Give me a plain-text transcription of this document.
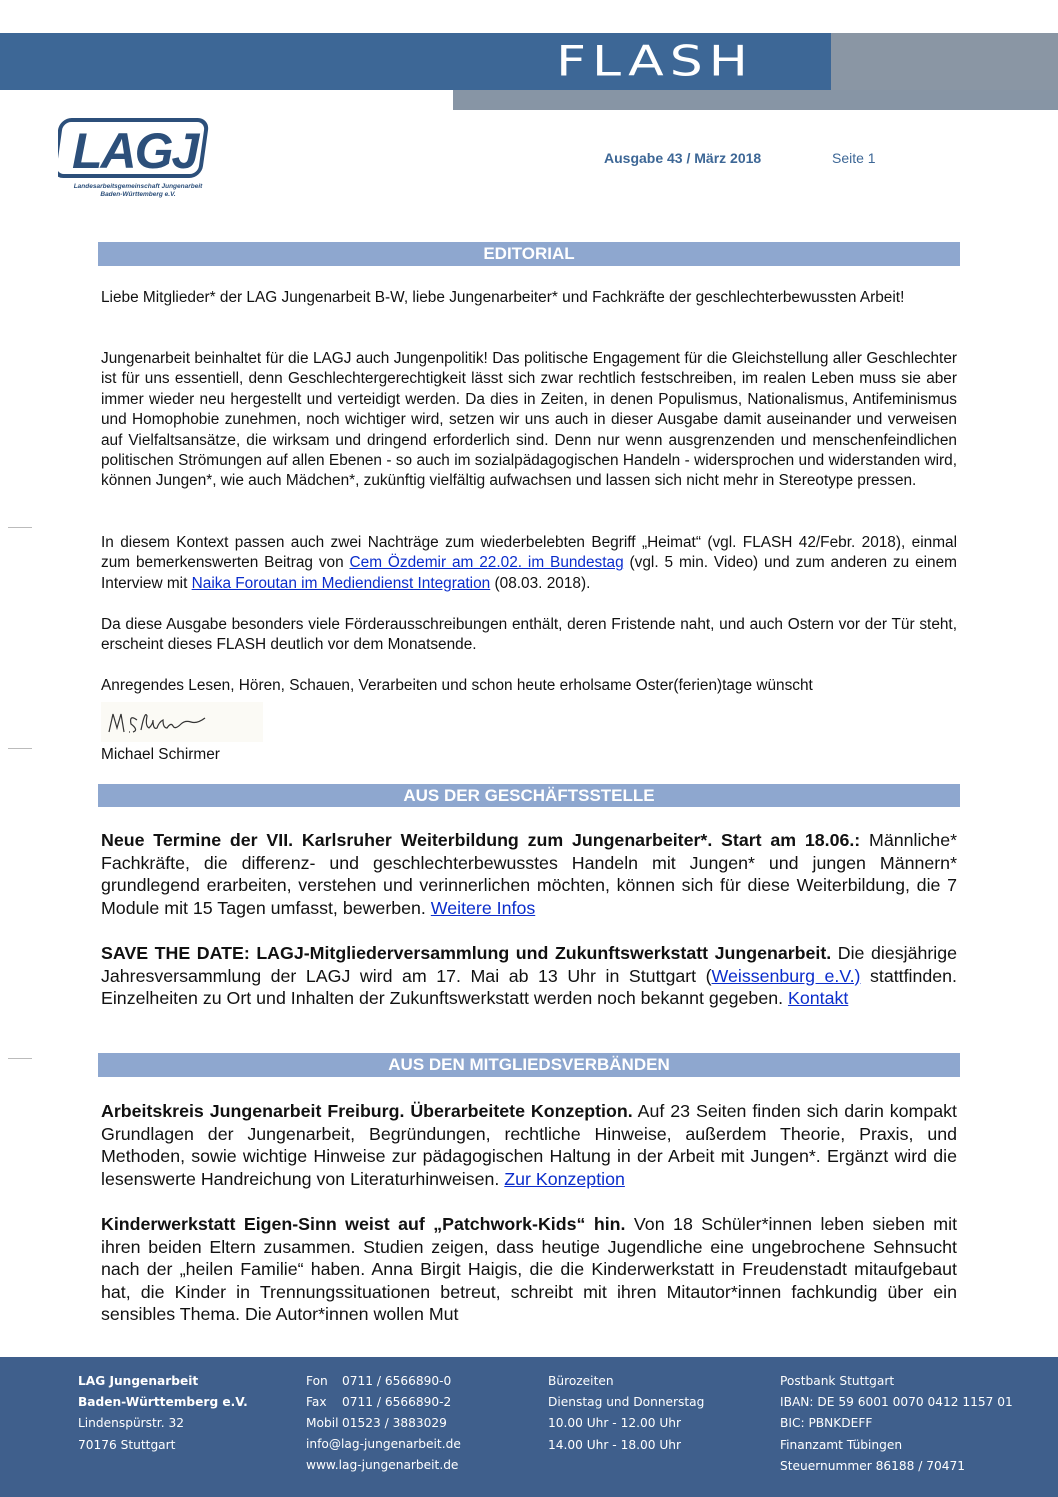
FLASH
LAGJ
Landesarbeitsgemeinschaft Jungenarbeit
Baden-Württemberg e.V.
Ausgabe 43 / März 2018	Seite 1
EDITORIAL

Liebe Mitglieder* der LAG Jungenarbeit B-W, liebe Jungenarbeiter* und Fachkräfte der geschlechterbewussten Arbeit!

Jungenarbeit beinhaltet für die LAGJ auch Jungenpolitik! Das politische Engagement für die Gleichstellung aller Geschlechter ist für uns essentiell, denn Geschlechtergerechtigkeit lässt sich zwar rechtlich festschreiben, im realen Leben muss sie aber immer wieder neu hergestellt und verteidigt werden. Da dies in Zeiten, in denen Populismus, Nationalismus, Antifeminismus und Homophobie zunehmen, noch wichtiger wird, setzen wir uns auch in dieser Ausgabe damit auseinander und verweisen auf Vielfaltsansätze, die wirksam und dringend erforderlich sind. Denn nur wenn ausgrenzenden und menschenfeindlichen politischen Strömungen auf allen Ebenen - so auch im sozialpädagogischen Handeln - widersprochen und widerstanden wird, können Jungen*, wie auch Mädchen*, zukünftig vielfältig aufwachsen und lassen sich nicht mehr in Stereotype pressen.

In diesem Kontext passen auch zwei Nachträge zum wiederbelebten Begriff „Heimat“ (vgl. FLASH 42/Febr. 2018), einmal zum bemerkenswerten Beitrag von Cem Özdemir am 22.02. im Bundestag (vgl. 5 min. Video) und zum anderen zu einem Interview mit Naika Foroutan im Mediendienst Integration (08.03. 2018).

Da diese Ausgabe besonders viele Förderausschreibungen enthält, deren Fristende naht, und auch Ostern vor der Tür steht, erscheint dieses FLASH deutlich vor dem Monatsende.

Anregendes Lesen, Hören, Schauen, Verarbeiten und schon heute erholsame Oster(ferien)tage wünscht

Michael Schirmer

AUS DER GESCHÄFTSSTELLE

Neue Termine der VII. Karlsruher Weiterbildung zum Jungenarbeiter*. Start am 18.06.: Männliche* Fachkräfte, die differenz- und geschlechterbewusstes Handeln mit Jungen* und jungen Männern* grundlegend erarbeiten, verstehen und verinnerlichen möchten, können sich für diese Weiterbildung, die 7 Module mit 15 Tagen umfasst, bewerben. Weitere Infos

SAVE THE DATE: LAGJ-Mitgliederversammlung und Zukunftswerkstatt Jungenarbeit. Die diesjährige Jahresversammlung der LAGJ wird am 17. Mai ab 13 Uhr in Stuttgart (Weissenburg e.V.) stattfinden. Einzelheiten zu Ort und Inhalten der Zukunftswerkstatt werden noch bekannt gegeben. Kontakt

AUS DEN MITGLIEDSVERBÄNDEN

Arbeitskreis Jungenarbeit Freiburg. Überarbeitete Konzeption. Auf 23 Seiten finden sich darin kompakt Grundlagen der Jungenarbeit, Begründungen, rechtliche Hinweise, außerdem Theorie, Praxis, und Methoden, sowie wichtige Hinweise zur pädagogischen Haltung in der Arbeit mit Jungen*. Ergänzt wird die lesenswerte Handreichung von Literaturhinweisen. Zur Konzeption

Kinderwerkstatt Eigen-Sinn weist auf „Patchwork-Kids“ hin. Von 18 Schüler*innen leben sieben mit ihren beiden Eltern zusammen. Studien zeigen, dass heutige Jugendliche eine ungebrochene Sehnsucht nach der „heilen Familie“ haben. Anna Birgit Haigis, die die Kinderwerkstatt in Freudenstadt mitaufgebaut hat, die Kinder in Trennungssituationen betreut, schreibt mit ihren Mitautor*innen fachkundig über ein sensibles Thema. Die Autor*innen wollen Mut

LAG Jungenarbeit
Baden-Württemberg e.V.
Lindenspürstr. 32
70176 Stuttgart
Fon
Fax
Mobil
0711 / 6566890-0
0711 / 6566890-2
01523 / 3883029
info@lag-jungenarbeit.de
www.lag-jungenarbeit.de
Bürozeiten
Dienstag und Donnerstag
10.00 Uhr - 12.00 Uhr
14.00 Uhr - 18.00 Uhr
Postbank Stuttgart
IBAN: DE 59 6001 0070 0412 1157 01
BIC: PBNKDEFF
Finanzamt Tübingen
Steuernummer 86188 / 70471
